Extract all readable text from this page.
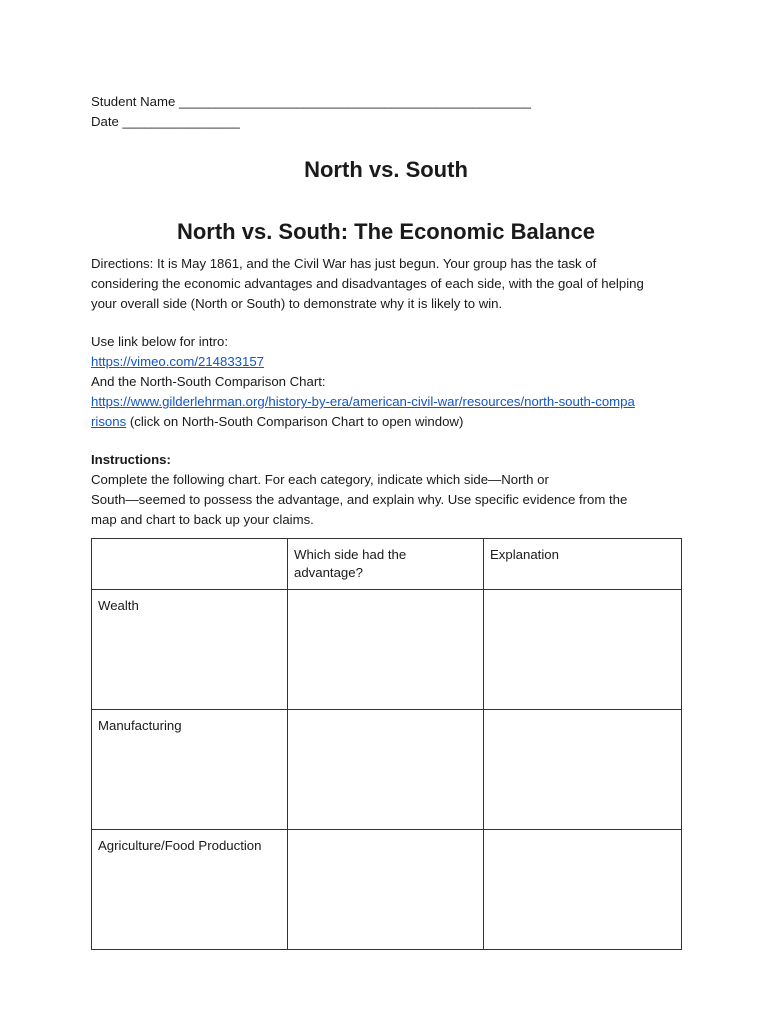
Student Name ________________________________________________
Date ________________
North vs. South
North vs. South: The Economic Balance
Directions: It is May 1861, and the Civil War has just begun. Your group has the task of
considering the economic advantages and disadvantages of each side, with the goal of helping
your overall side (North or South) to demonstrate why it is likely to win.
Use link below for intro:
https://vimeo.com/214833157
And the North-South Comparison Chart:
https://www.gilderlehrman.org/history-by-era/american-civil-war/resources/north-south-compa
risons (click on North-South Comparison Chart to open window)
Instructions:
Complete the following chart. For each category, indicate which side—North or
South—seemed to possess the advantage, and explain why. Use specific evidence from the
map and chart to back up your claims.
	Which side had the advantage?	Explanation
Wealth		
Manufacturing		
Agriculture/Food Production		
